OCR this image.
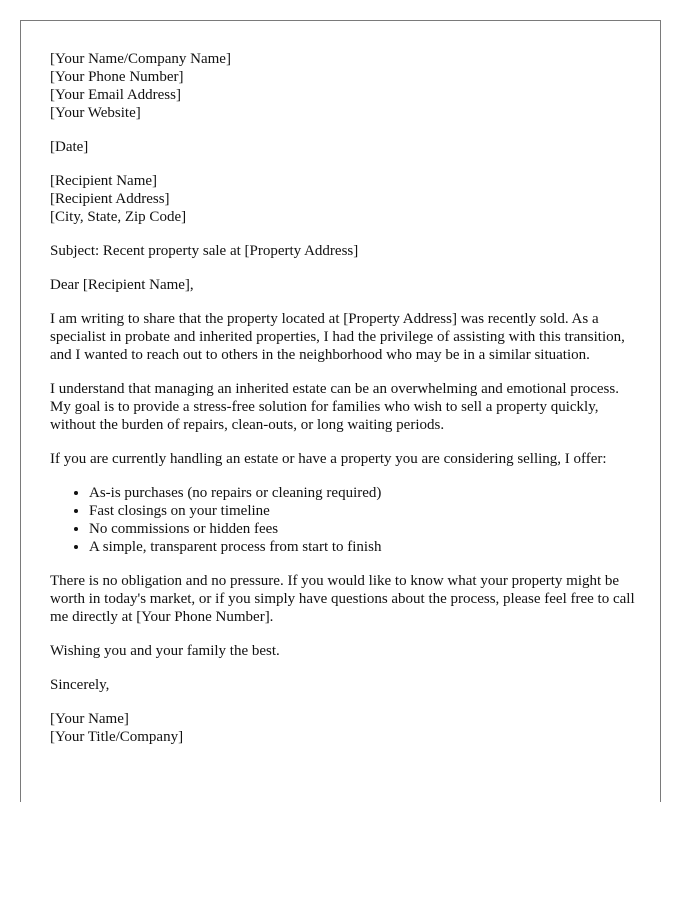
[Your Name/Company Name]
[Your Phone Number]
[Your Email Address]
[Your Website]
[Date]
[Recipient Name]
[Recipient Address]
[City, State, Zip Code]

Subject: Recent property sale at [Property Address]

Dear [Recipient Name],

I am writing to share that the property located at [Property Address] was recently sold. As a specialist in probate and inherited properties, I had the privilege of assisting with this transition, and I wanted to reach out to others in the neighborhood who may be in a similar situation.

I understand that managing an inherited estate can be an overwhelming and emotional process. My goal is to provide a stress-free solution for families who wish to sell a property quickly, without the burden of repairs, clean-outs, or long waiting periods.

If you are currently handling an estate or have a property you are considering selling, I offer:

• As-is purchases (no repairs or cleaning required)
• Fast closings on your timeline
• No commissions or hidden fees
• A simple, transparent process from start to finish

There is no obligation and no pressure. If you would like to know what your property might be worth in today's market, or if you simply have questions about the process, please feel free to call me directly at [Your Phone Number].

Wishing you and your family the best.

Sincerely,

[Your Name]
[Your Title/Company]
